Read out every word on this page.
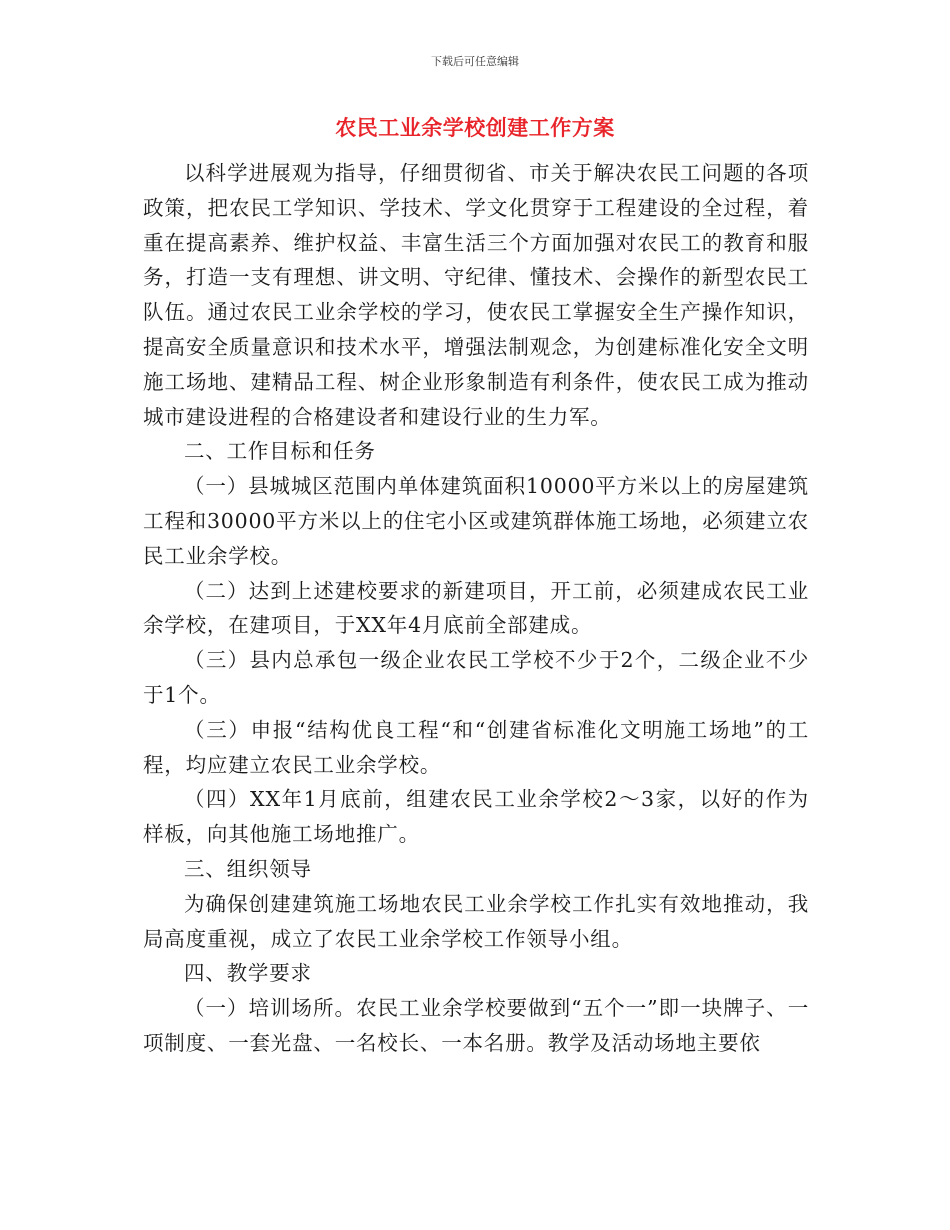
下载后可任意编辑
农民工业余学校创建工作方案

以科学进展观为指导，仔细贯彻省、市关于解决农民工问题的各项政策，把农民工学知识、学技术、学文化贯穿于工程建设的全过程，着重在提高素养、维护权益、丰富生活三个方面加强对农民工的教育和服务，打造一支有理想、讲文明、守纪律、懂技术、会操作的新型农民工队伍。通过农民工业余学校的学习，使农民工掌握安全生产操作知识，提高安全质量意识和技术水平，增强法制观念，为创建标准化安全文明施工场地、建精品工程、树企业形象制造有利条件，使农民工成为推动城市建设进程的合格建设者和建设行业的生力军。

二、工作目标和任务

（一）县城城区范围内单体建筑面积10000平方米以上的房屋建筑工程和30000平方米以上的住宅小区或建筑群体施工场地，必须建立农民工业余学校。

（二）达到上述建校要求的新建项目，开工前，必须建成农民工业余学校，在建项目，于XX年4月底前全部建成。

（三）县内总承包一级企业农民工学校不少于2个，二级企业不少于1个。

（三）申报“结构优良工程“和“创建省标准化文明施工场地”的工程，均应建立农民工业余学校。

（四）XX年1月底前，组建农民工业余学校2～3家，以好的作为样板，向其他施工场地推广。

三、组织领导

为确保创建建筑施工场地农民工业余学校工作扎实有效地推动，我局高度重视，成立了农民工业余学校工作领导小组。

四、教学要求

（一）培训场所。农民工业余学校要做到“五个一”即一块牌子、一项制度、一套光盘、一名校长、一本名册。教学及活动场地主要依
